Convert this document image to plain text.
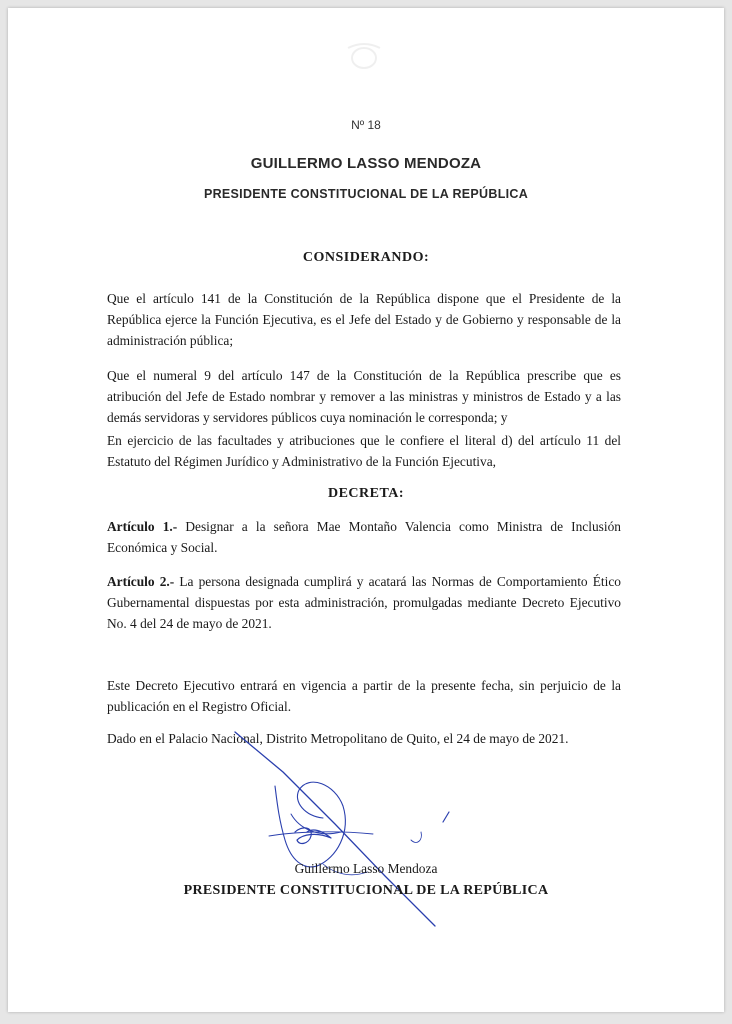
Nº 18
GUILLERMO LASSO MENDOZA
PRESIDENTE CONSTITUCIONAL DE LA REPÚBLICA
CONSIDERANDO:

Que el artículo 141 de la Constitución de la República dispone que el Presidente de la República ejerce la Función Ejecutiva, es el Jefe del Estado y de Gobierno y responsable de la administración pública;

Que el numeral 9 del artículo 147 de la Constitución de la República prescribe que es atribución del Jefe de Estado nombrar y remover a las ministras y ministros de Estado y a las demás servidoras y servidores públicos cuya nominación le corresponda; y

En ejercicio de las facultades y atribuciones que le confiere el literal d) del artículo 11 del Estatuto del Régimen Jurídico y Administrativo de la Función Ejecutiva,

DECRETA:

Artículo 1.- Designar a la señora Mae Montaño Valencia como Ministra de Inclusión Económica y Social.

Artículo 2.- La persona designada cumplirá y acatará las Normas de Comportamiento Ético Gubernamental dispuestas por esta administración, promulgadas mediante Decreto Ejecutivo No. 4 del 24 de mayo de 2021.

Este Decreto Ejecutivo entrará en vigencia a partir de la presente fecha, sin perjuicio de la publicación en el Registro Oficial.

Dado en el Palacio Nacional, Distrito Metropolitano de Quito, el 24 de mayo de 2021.

Guillermo Lasso Mendoza
PRESIDENTE CONSTITUCIONAL DE LA REPÚBLICA
